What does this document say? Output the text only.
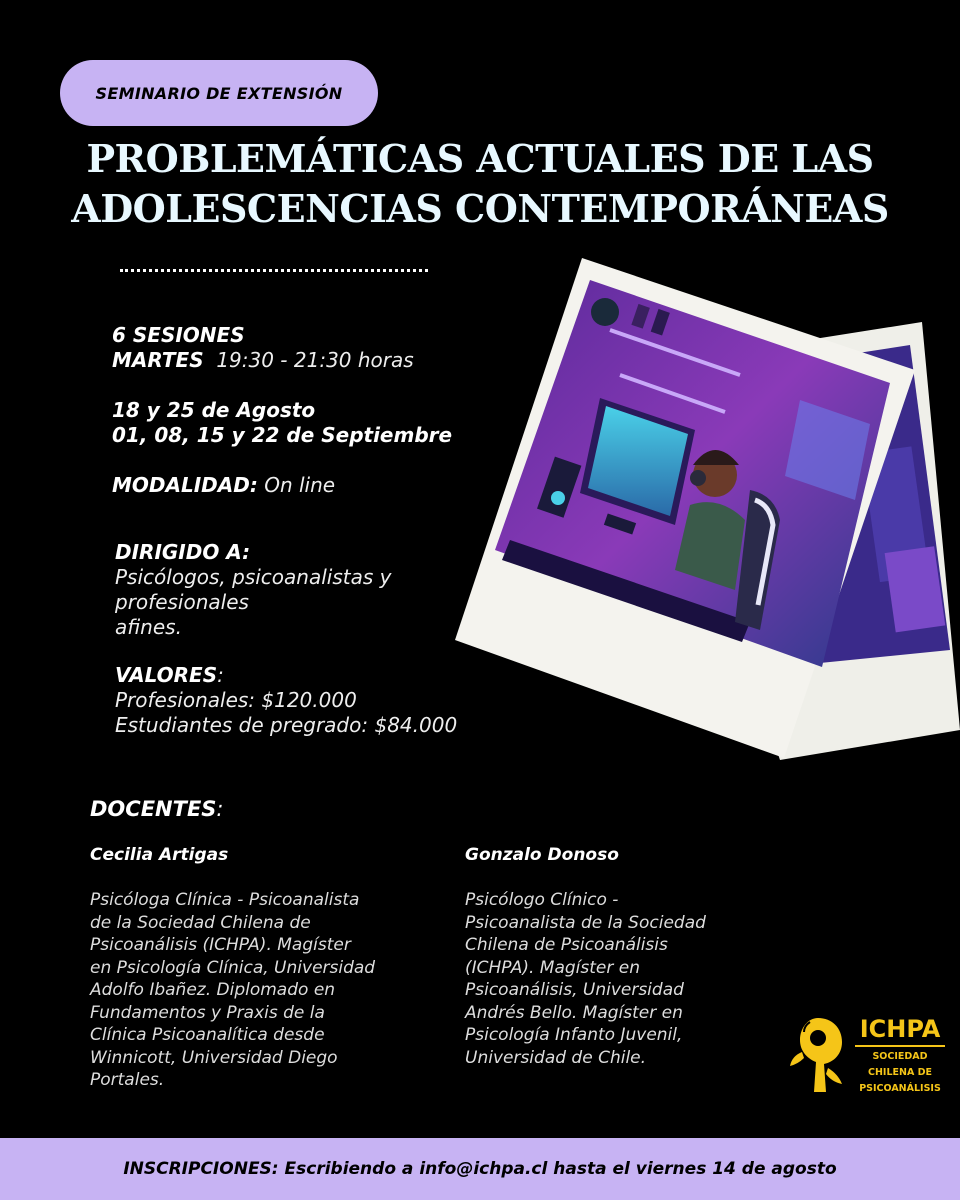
SEMINARIO DE EXTENSIÓN
PROBLEMÁTICAS ACTUALES DE LAS
ADOLESCENCIAS CONTEMPORÁNEAS
6 SESIONES
MARTES 19:30 - 21:30 horas
18 y 25 de Agosto
01, 08, 15 y 22 de Septiembre
MODALIDAD: On line
DIRIGIDO A:
Psicólogos, psicoanalistas y
profesionales
afines.
VALORES:
Profesionales: $120.000
Estudiantes de pregrado: $84.000
DOCENTES:
Cecilia Artigas
Psicóloga Clínica - Psicoanalista
de la Sociedad Chilena de
Psicoanálisis (ICHPA). Magíster
en Psicología Clínica, Universidad
Adolfo Ibañez. Diplomado en
Fundamentos y Praxis de la
Clínica Psicoanalítica desde
Winnicott, Universidad Diego
Portales.
Gonzalo Donoso
Psicólogo Clínico -
Psicoanalista de la Sociedad
Chilena de Psicoanálisis
(ICHPA). Magíster en
Psicoanálisis, Universidad
Andrés Bello. Magíster en
Psicología Infanto Juvenil,
Universidad de Chile.
ICHPA
SOCIEDAD
CHILENA DE
PSICOANÁLISIS
INSCRIPCIONES: Escribiendo a info@ichpa.cl hasta el viernes 14 de agosto
